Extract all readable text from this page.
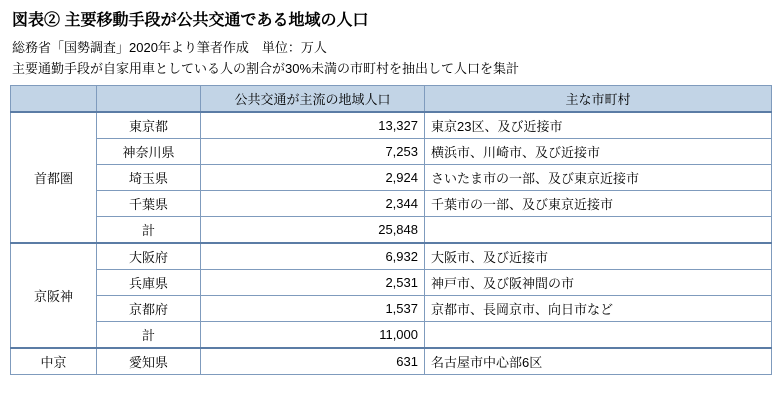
図表② 主要移動手段が公共交通である地域の人口
総務省「国勢調査」2020年より筆者作成　単位：万人
主要通勤手段が自家用車としている人の割合が30%未満の市町村を抽出して人口を集計
		公共交通が主流の地域人口	主な市町村
首都圏	東京都	13,327	東京23区、及び近接市
	神奈川県	7,253	横浜市、川崎市、及び近接市
	埼玉県	2,924	さいたま市の一部、及び東京近接市
	千葉県	2,344	千葉市の一部、及び東京近接市
	計	25,848	
京阪神	大阪府	6,932	大阪市、及び近接市
	兵庫県	2,531	神戸市、及び阪神間の市
	京都府	1,537	京都市、長岡京市、向日市など
	計	11,000	
中京	愛知県	631	名古屋市中心部6区
